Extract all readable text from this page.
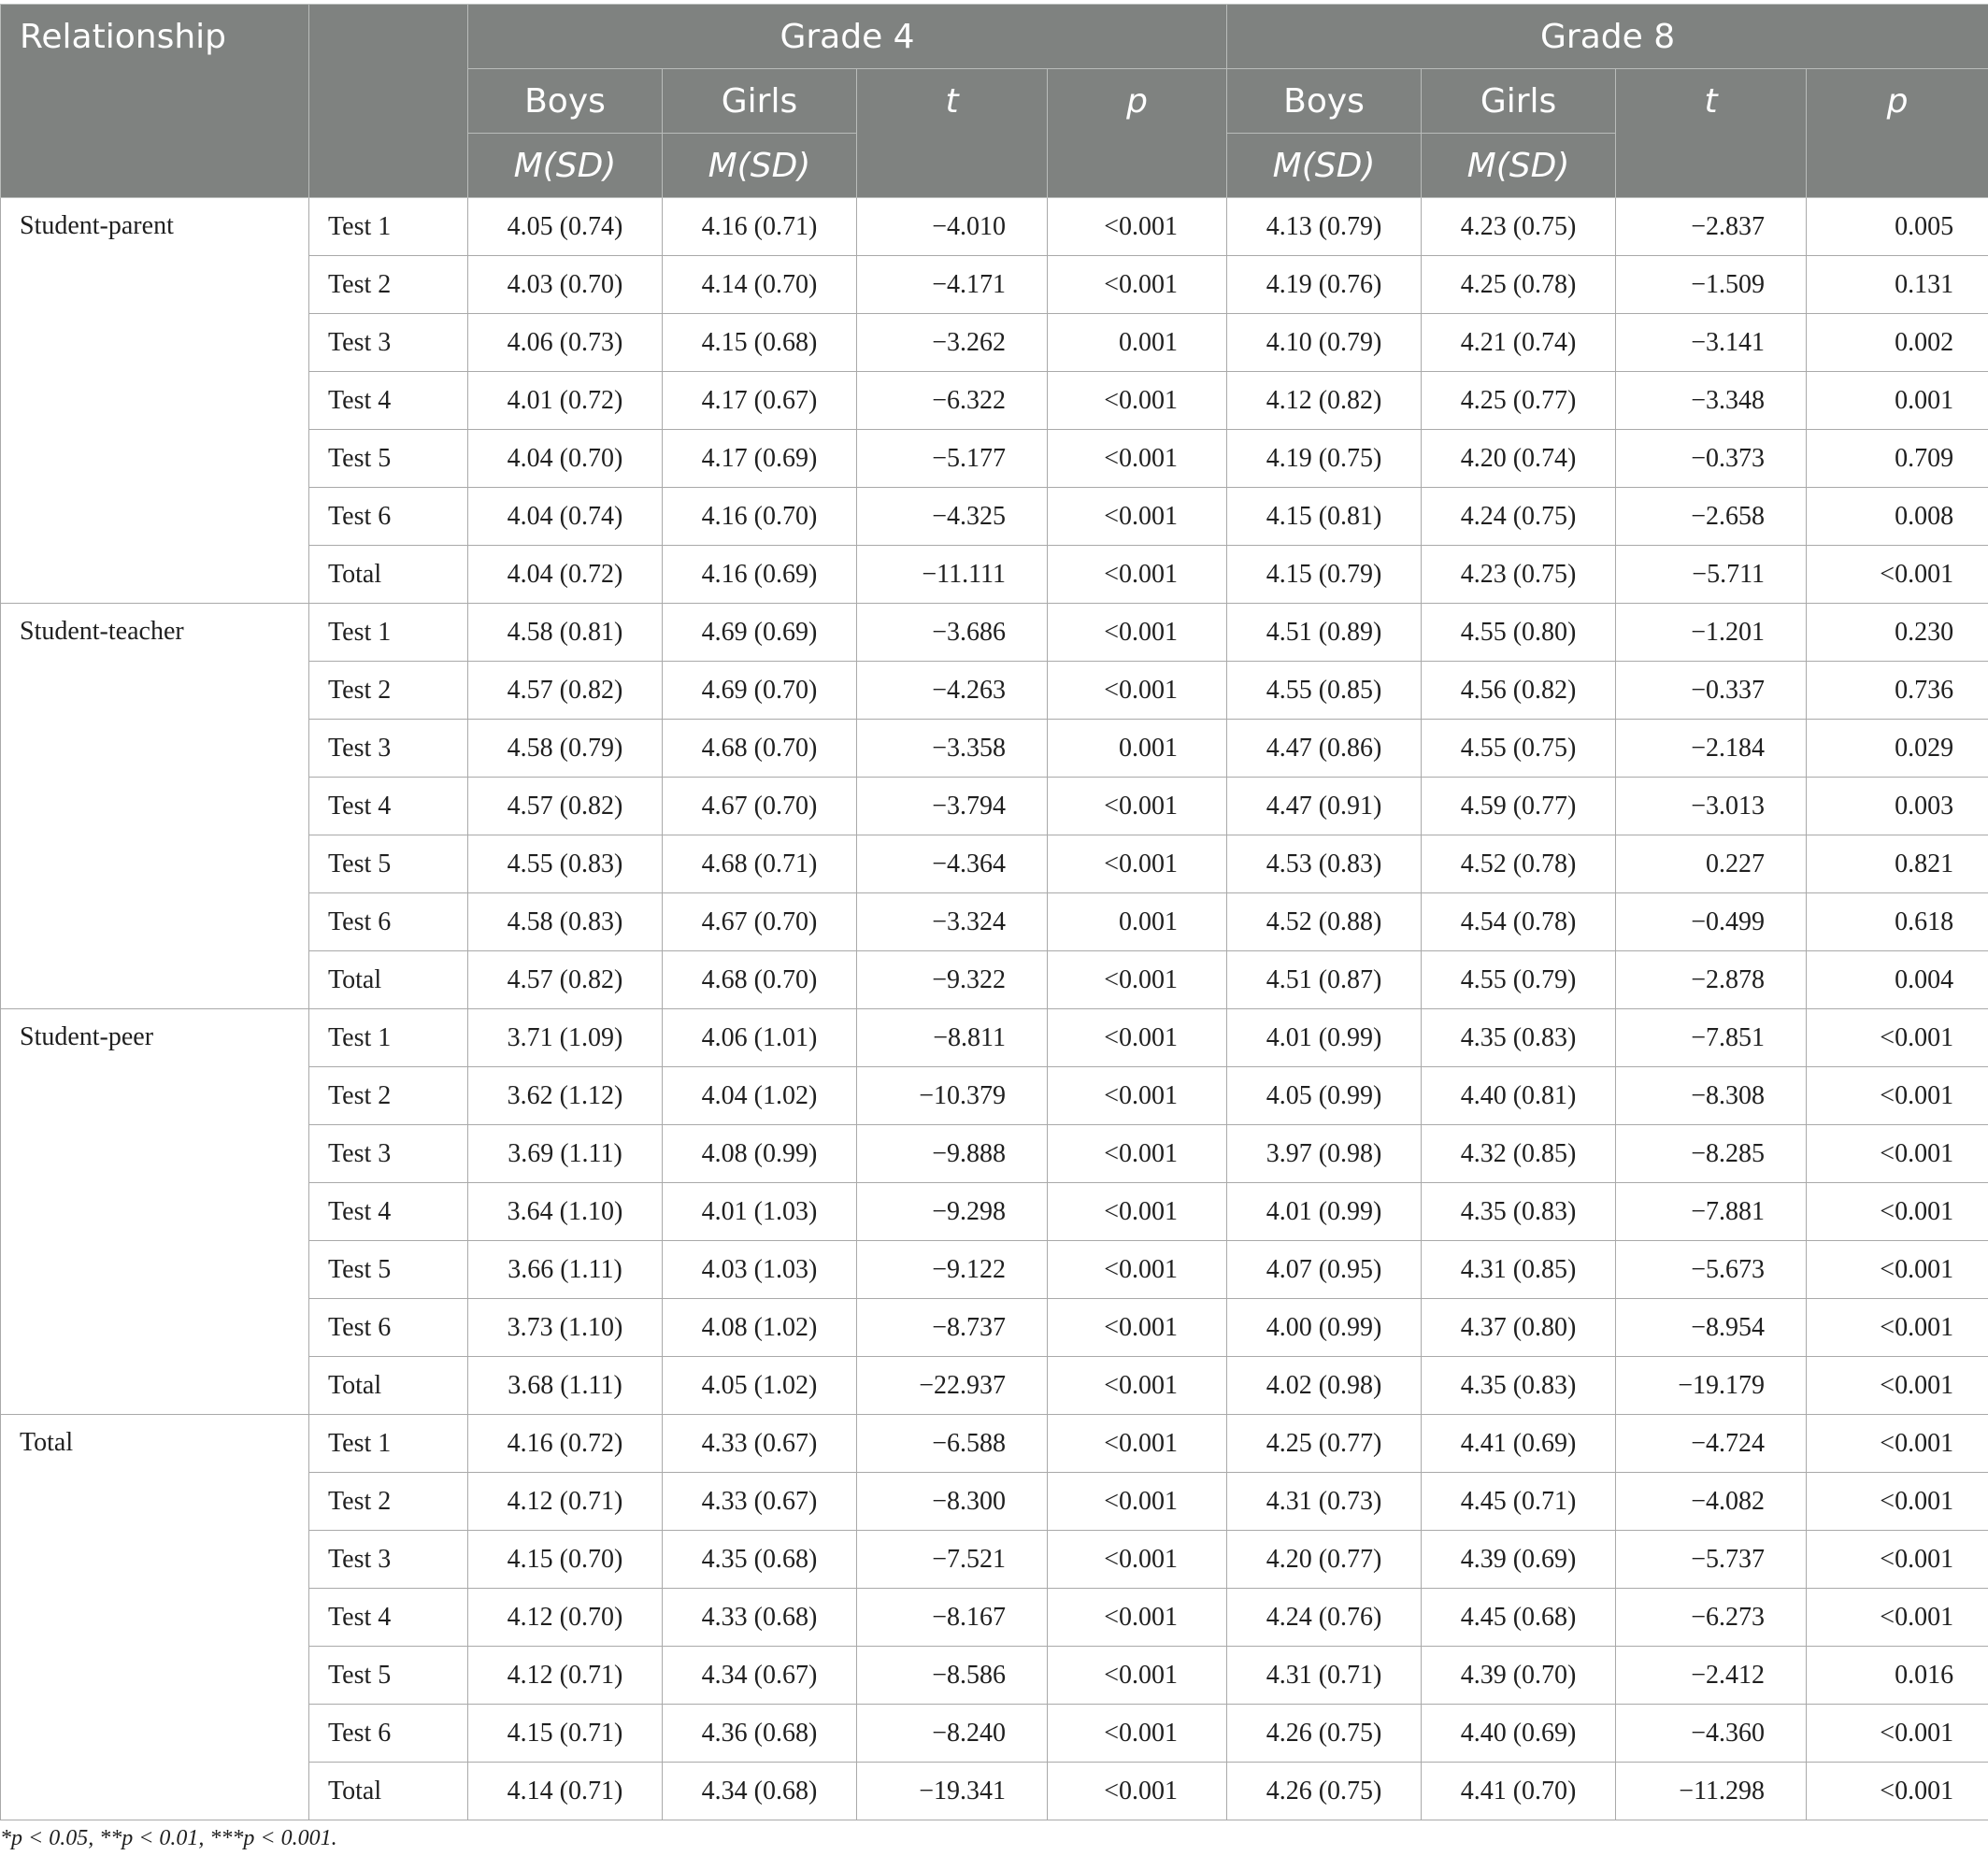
Relationship		Grade 4				Grade 8			
		Boys	Girls	t	p	Boys	Girls	t	p
		M(SD)	M(SD)			M(SD)	M(SD)		
Student-parent	Test 1	4.05 (0.74)	4.16 (0.71)	−4.010	<0.001	4.13 (0.79)	4.23 (0.75)	−2.837	0.005
	Test 2	4.03 (0.70)	4.14 (0.70)	−4.171	<0.001	4.19 (0.76)	4.25 (0.78)	−1.509	0.131
	Test 3	4.06 (0.73)	4.15 (0.68)	−3.262	0.001	4.10 (0.79)	4.21 (0.74)	−3.141	0.002
	Test 4	4.01 (0.72)	4.17 (0.67)	−6.322	<0.001	4.12 (0.82)	4.25 (0.77)	−3.348	0.001
	Test 5	4.04 (0.70)	4.17 (0.69)	−5.177	<0.001	4.19 (0.75)	4.20 (0.74)	−0.373	0.709
	Test 6	4.04 (0.74)	4.16 (0.70)	−4.325	<0.001	4.15 (0.81)	4.24 (0.75)	−2.658	0.008
	Total	4.04 (0.72)	4.16 (0.69)	−11.111	<0.001	4.15 (0.79)	4.23 (0.75)	−5.711	<0.001
Student-teacher	Test 1	4.58 (0.81)	4.69 (0.69)	−3.686	<0.001	4.51 (0.89)	4.55 (0.80)	−1.201	0.230
	Test 2	4.57 (0.82)	4.69 (0.70)	−4.263	<0.001	4.55 (0.85)	4.56 (0.82)	−0.337	0.736
	Test 3	4.58 (0.79)	4.68 (0.70)	−3.358	0.001	4.47 (0.86)	4.55 (0.75)	−2.184	0.029
	Test 4	4.57 (0.82)	4.67 (0.70)	−3.794	<0.001	4.47 (0.91)	4.59 (0.77)	−3.013	0.003
	Test 5	4.55 (0.83)	4.68 (0.71)	−4.364	<0.001	4.53 (0.83)	4.52 (0.78)	0.227	0.821
	Test 6	4.58 (0.83)	4.67 (0.70)	−3.324	0.001	4.52 (0.88)	4.54 (0.78)	−0.499	0.618
	Total	4.57 (0.82)	4.68 (0.70)	−9.322	<0.001	4.51 (0.87)	4.55 (0.79)	−2.878	0.004
Student-peer	Test 1	3.71 (1.09)	4.06 (1.01)	−8.811	<0.001	4.01 (0.99)	4.35 (0.83)	−7.851	<0.001
	Test 2	3.62 (1.12)	4.04 (1.02)	−10.379	<0.001	4.05 (0.99)	4.40 (0.81)	−8.308	<0.001
	Test 3	3.69 (1.11)	4.08 (0.99)	−9.888	<0.001	3.97 (0.98)	4.32 (0.85)	−8.285	<0.001
	Test 4	3.64 (1.10)	4.01 (1.03)	−9.298	<0.001	4.01 (0.99)	4.35 (0.83)	−7.881	<0.001
	Test 5	3.66 (1.11)	4.03 (1.03)	−9.122	<0.001	4.07 (0.95)	4.31 (0.85)	−5.673	<0.001
	Test 6	3.73 (1.10)	4.08 (1.02)	−8.737	<0.001	4.00 (0.99)	4.37 (0.80)	−8.954	<0.001
	Total	3.68 (1.11)	4.05 (1.02)	−22.937	<0.001	4.02 (0.98)	4.35 (0.83)	−19.179	<0.001
Total	Test 1	4.16 (0.72)	4.33 (0.67)	−6.588	<0.001	4.25 (0.77)	4.41 (0.69)	−4.724	<0.001
	Test 2	4.12 (0.71)	4.33 (0.67)	−8.300	<0.001	4.31 (0.73)	4.45 (0.71)	−4.082	<0.001
	Test 3	4.15 (0.70)	4.35 (0.68)	−7.521	<0.001	4.20 (0.77)	4.39 (0.69)	−5.737	<0.001
	Test 4	4.12 (0.70)	4.33 (0.68)	−8.167	<0.001	4.24 (0.76)	4.45 (0.68)	−6.273	<0.001
	Test 5	4.12 (0.71)	4.34 (0.67)	−8.586	<0.001	4.31 (0.71)	4.39 (0.70)	−2.412	0.016
	Test 6	4.15 (0.71)	4.36 (0.68)	−8.240	<0.001	4.26 (0.75)	4.40 (0.69)	−4.360	<0.001
	Total	4.14 (0.71)	4.34 (0.68)	−19.341	<0.001	4.26 (0.75)	4.41 (0.70)	−11.298	<0.001

*p < 0.05, **p < 0.01, ***p < 0.001.
